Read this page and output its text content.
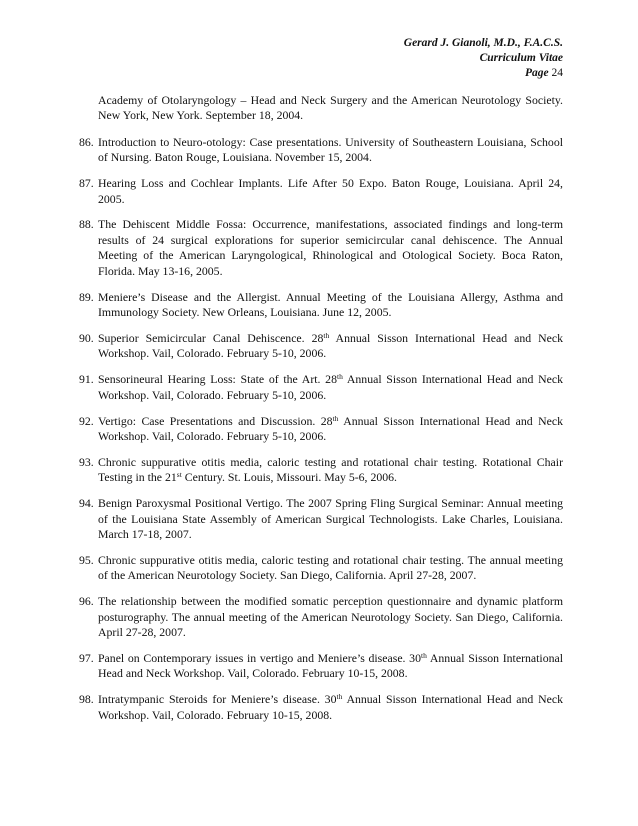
Gerard J. Gianoli, M.D., F.A.C.S.
Curriculum Vitae
Page 24
Academy of Otolaryngology – Head and Neck Surgery and the American Neurotology Society. New York, New York. September 18, 2004.
86. Introduction to Neuro-otology: Case presentations. University of Southeastern Louisiana, School of Nursing. Baton Rouge, Louisiana. November 15, 2004.
87. Hearing Loss and Cochlear Implants. Life After 50 Expo. Baton Rouge, Louisiana. April 24, 2005.
88. The Dehiscent Middle Fossa: Occurrence, manifestations, associated findings and long-term results of 24 surgical explorations for superior semicircular canal dehiscence. The Annual Meeting of the American Laryngological, Rhinological and Otological Society. Boca Raton, Florida. May 13-16, 2005.
89. Meniere’s Disease and the Allergist. Annual Meeting of the Louisiana Allergy, Asthma and Immunology Society. New Orleans, Louisiana. June 12, 2005.
90. Superior Semicircular Canal Dehiscence. 28th Annual Sisson International Head and Neck Workshop. Vail, Colorado. February 5-10, 2006.
91. Sensorineural Hearing Loss: State of the Art. 28th Annual Sisson International Head and Neck Workshop. Vail, Colorado. February 5-10, 2006.
92. Vertigo: Case Presentations and Discussion. 28th Annual Sisson International Head and Neck Workshop. Vail, Colorado. February 5-10, 2006.
93. Chronic suppurative otitis media, caloric testing and rotational chair testing. Rotational Chair Testing in the 21st Century. St. Louis, Missouri. May 5-6, 2006.
94. Benign Paroxysmal Positional Vertigo. The 2007 Spring Fling Surgical Seminar: Annual meeting of the Louisiana State Assembly of American Surgical Technologists. Lake Charles, Louisiana. March 17-18, 2007.
95. Chronic suppurative otitis media, caloric testing and rotational chair testing. The annual meeting of the American Neurotology Society. San Diego, California. April 27-28, 2007.
96. The relationship between the modified somatic perception questionnaire and dynamic platform posturography. The annual meeting of the American Neurotology Society. San Diego, California. April 27-28, 2007.
97. Panel on Contemporary issues in vertigo and Meniere’s disease. 30th Annual Sisson International Head and Neck Workshop. Vail, Colorado. February 10-15, 2008.
98. Intratympanic Steroids for Meniere’s disease. 30th Annual Sisson International Head and Neck Workshop. Vail, Colorado. February 10-15, 2008.
